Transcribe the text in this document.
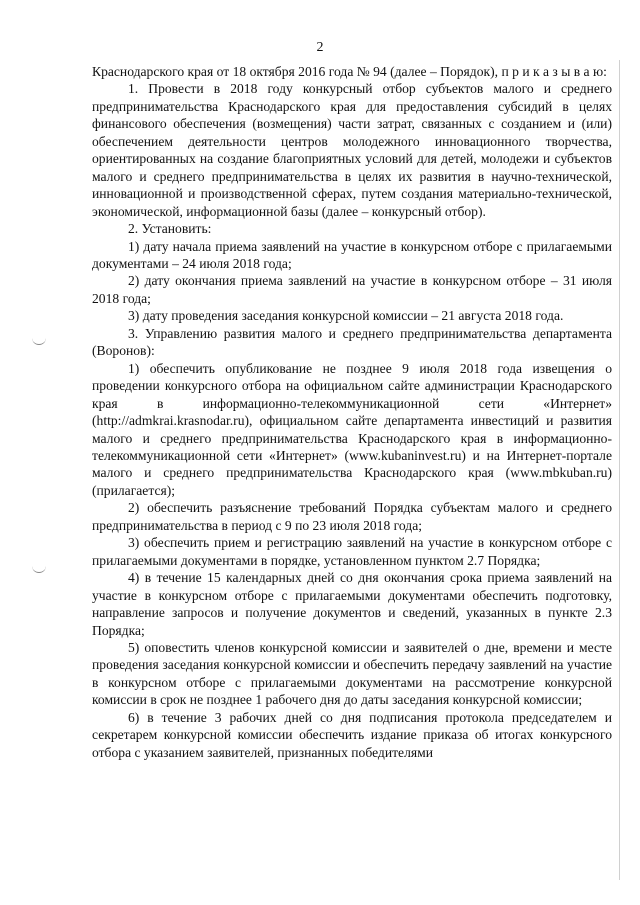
2

Краснодарского края от 18 октября 2016 года № 94 (далее – Порядок), п р и к а з ы в а ю:

1. Провести в 2018 году конкурсный отбор субъектов малого и среднего предпринимательства Краснодарского края для предоставления субсидий в целях финансового обеспечения (возмещения) части затрат, связанных с созданием и (или) обеспечением деятельности центров молодежного инновационного творчества, ориентированных на создание благоприятных условий для детей, молодежи и субъектов малого и среднего предпринимательства в целях их развития в научно-технической, инновационной и производственной сферах, путем создания материально-технической, экономической, информационной базы (далее – конкурсный отбор).

2. Установить:

1) дату начала приема заявлений на участие в конкурсном отборе с прилагаемыми документами – 24 июля 2018 года;

2) дату окончания приема заявлений на участие в конкурсном отборе – 31 июля 2018 года;

3) дату проведения заседания конкурсной комиссии – 21 августа 2018 года.

3. Управлению развития малого и среднего предпринимательства департамента (Воронов):

1) обеспечить опубликование не позднее 9 июля 2018 года извещения о проведении конкурсного отбора на официальном сайте администрации Краснодарского края в информационно-телекоммуникационной сети «Интернет» (http://admkrai.krasnodar.ru), официальном сайте департамента инвестиций и развития малого и среднего предпринимательства Краснодарского края в информационно-телекоммуникационной сети «Интернет» (www.kubaninvest.ru) и на Интернет-портале малого и среднего предпринимательства Краснодарского края (www.mbkuban.ru) (прилагается);

2) обеспечить разъяснение требований Порядка субъектам малого и среднего предпринимательства в период с 9 по 23 июля 2018 года;

3) обеспечить прием и регистрацию заявлений на участие в конкурсном отборе с прилагаемыми документами в порядке, установленном пунктом 2.7 Порядка;

4) в течение 15 календарных дней со дня окончания срока приема заявлений на участие в конкурсном отборе с прилагаемыми документами обеспечить подготовку, направление запросов и получение документов и сведений, указанных в пункте 2.3 Порядка;

5) оповестить членов конкурсной комиссии и заявителей о дне, времени и месте проведения заседания конкурсной комиссии и обеспечить передачу заявлений на участие в конкурсном отборе с прилагаемыми документами на рассмотрение конкурсной комиссии в срок не позднее 1 рабочего дня до даты заседания конкурсной комиссии;

6) в течение 3 рабочих дней со дня подписания протокола председателем и секретарем конкурсной комиссии обеспечить издание приказа об итогах конкурсного отбора с указанием заявителей, признанных победителями
